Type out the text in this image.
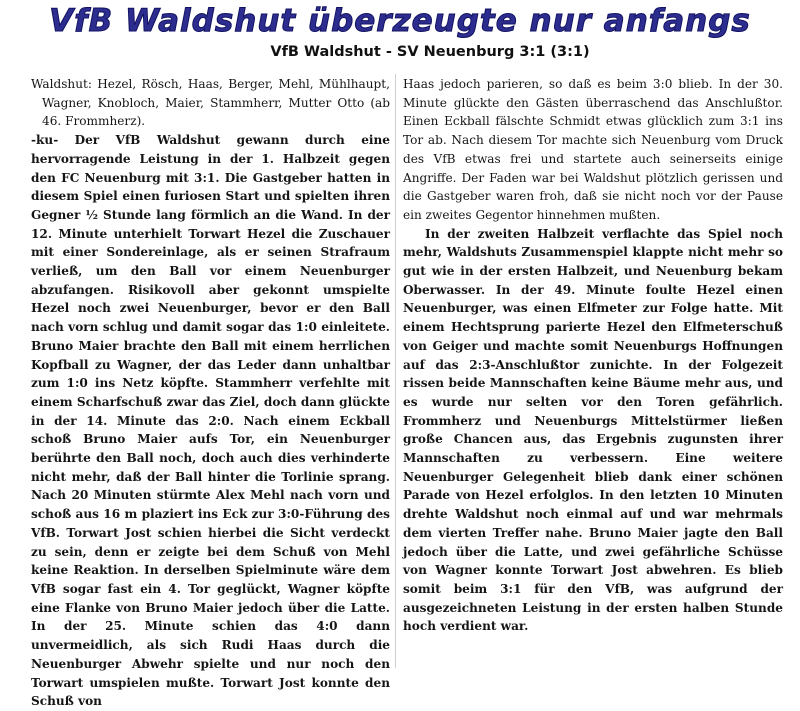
VfB Waldshut überzeugte nur anfangs
VfB Waldshut - SV Neuenburg 3:1 (3:1)

Waldshut: Hezel, Rösch, Haas, Berger, Mehl, Mühlhaupt, Wagner, Knobloch, Maier, Stammherr, Mutter Otto (ab 46. Frommherz).

-ku- Der VfB Waldshut gewann durch eine hervorragende Leistung in der 1. Halbzeit gegen den FC Neuenburg mit 3:1. Die Gastgeber hatten in diesem Spiel einen furiosen Start und spielten ihren Gegner ½ Stunde lang förmlich an die Wand. In der 12. Minute unterhielt Torwart Hezel die Zuschauer mit einer Sondereinlage, als er seinen Strafraum verließ, um den Ball vor einem Neuenburger abzufangen. Risikovoll aber gekonnt umspielte Hezel noch zwei Neuenburger, bevor er den Ball nach vorn schlug und damit sogar das 1:0 einleitete. Bruno Maier brachte den Ball mit einem herrlichen Kopfball zu Wagner, der das Leder dann unhaltbar zum 1:0 ins Netz köpfte. Stammherr verfehlte mit einem Scharfschuß zwar das Ziel, doch dann glückte in der 14. Minute das 2:0. Nach einem Eckball schoß Bruno Maier aufs Tor, ein Neuenburger berührte den Ball noch, doch auch dies verhinderte nicht mehr, daß der Ball hinter die Torlinie sprang. Nach 20 Minuten stürmte Alex Mehl nach vorn und schoß aus 16 m plaziert ins Eck zur 3:0-Führung des VfB. Torwart Jost schien hierbei die Sicht verdeckt zu sein, denn er zeigte bei dem Schuß von Mehl keine Reaktion. In derselben Spielminute wäre dem VfB sogar fast ein 4. Tor geglückt, Wagner köpfte eine Flanke von Bruno Maier jedoch über die Latte. In der 25. Minute schien das 4:0 dann unvermeidlich, als sich Rudi Haas durch die Neuenburger Abwehr spielte und nur noch den Torwart umspielen mußte. Torwart Jost konnte den Schuß von

Haas jedoch parieren, so daß es beim 3:0 blieb. In der 30. Minute glückte den Gästen überraschend das Anschlußtor. Einen Eckball fälschte Schmidt etwas glücklich zum 3:1 ins Tor ab. Nach diesem Tor machte sich Neuenburg vom Druck des VfB etwas frei und startete auch seinerseits einige Angriffe. Der Faden war bei Waldshut plötzlich gerissen und die Gastgeber waren froh, daß sie nicht noch vor der Pause ein zweites Gegentor hinnehmen mußten.

In der zweiten Halbzeit verflachte das Spiel noch mehr, Waldshuts Zusammenspiel klappte nicht mehr so gut wie in der ersten Halbzeit, und Neuenburg bekam Oberwasser. In der 49. Minute foulte Hezel einen Neuenburger, was einen Elfmeter zur Folge hatte. Mit einem Hechtsprung parierte Hezel den Elfmeterschuß von Geiger und machte somit Neuenburgs Hoffnungen auf das 2:3-Anschlußtor zunichte. In der Folgezeit rissen beide Mannschaften keine Bäume mehr aus, und es wurde nur selten vor den Toren gefährlich. Frommherz und Neuenburgs Mittelstürmer ließen große Chancen aus, das Ergebnis zugunsten ihrer Mannschaften zu verbessern. Eine weitere Neuenburger Gelegenheit blieb dank einer schönen Parade von Hezel erfolglos. In den letzten 10 Minuten drehte Waldshut noch einmal auf und war mehrmals dem vierten Treffer nahe. Bruno Maier jagte den Ball jedoch über die Latte, und zwei gefährliche Schüsse von Wagner konnte Torwart Jost abwehren. Es blieb somit beim 3:1 für den VfB, was aufgrund der ausgezeichneten Leistung in der ersten halben Stunde hoch verdient war.
